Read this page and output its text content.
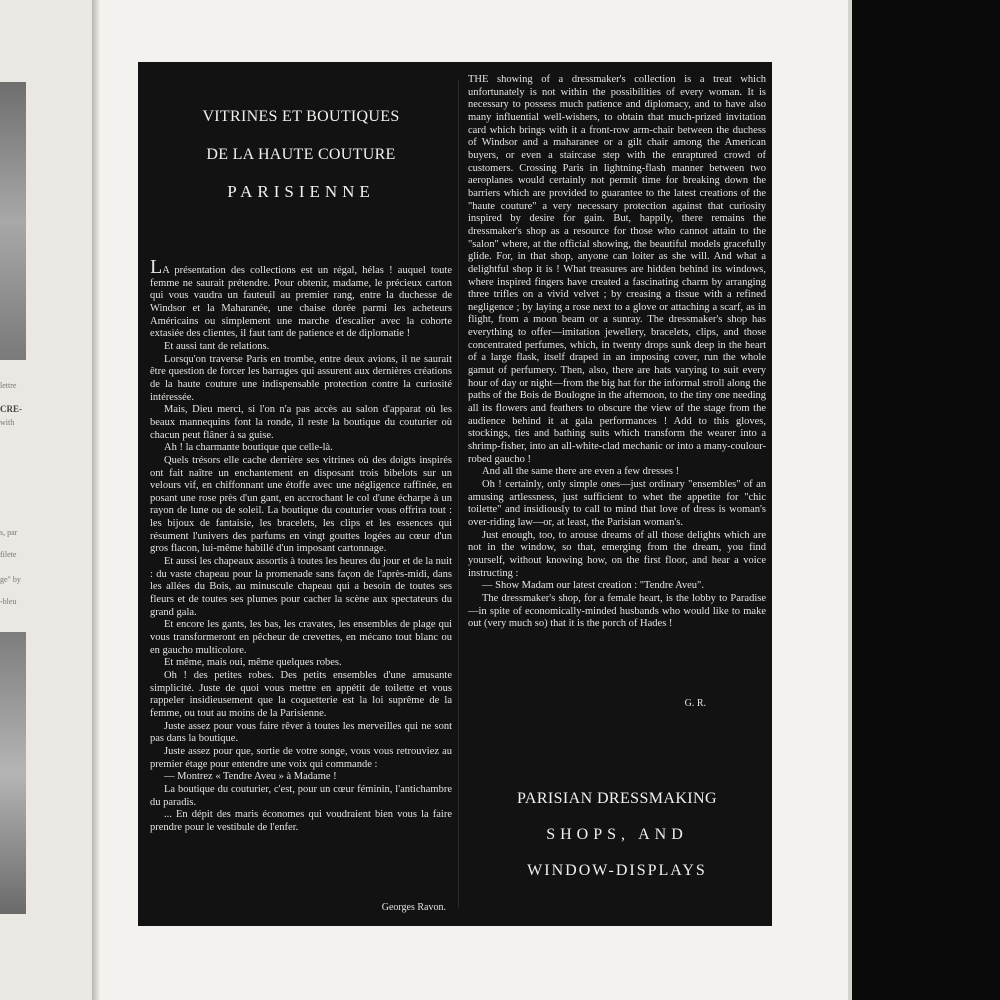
lettre
CRE-
with
s, par
filete
ge" by
-bleu
VITRINES ET BOUTIQUES
DE LA HAUTE COUTURE
PARISIENNE

LA présentation des collections est un régal, hélas ! auquel toute femme ne saurait prétendre. Pour obtenir, madame, le précieux carton qui vous vaudra un fauteuil au premier rang, entre la duchesse de Windsor et la Maharanée, une chaise dorée parmi les acheteurs Américains ou simplement une marche d'escalier avec la cohorte extasiée des clientes, il faut tant de patience et de diplomatie !

Et aussi tant de relations.

Lorsqu'on traverse Paris en trombe, entre deux avions, il ne saurait être question de forcer les barrages qui assurent aux dernières créations de la haute couture une indispensable protection contre la curiosité intéressée.

Mais, Dieu merci, si l'on n'a pas accès au salon d'apparat où les beaux mannequins font la ronde, il reste la boutique du couturier où chacun peut flâner à sa guise.

Ah ! la charmante boutique que celle-là.

Quels trésors elle cache derrière ses vitrines où des doigts inspirés ont fait naître un enchantement en disposant trois bibelots sur un velours vif, en chiffonnant une étoffe avec une négligence raffinée, en posant une rose près d'un gant, en accrochant le col d'une écharpe à un rayon de lune ou de soleil. La boutique du couturier vous offrira tout : les bijoux de fantaisie, les bracelets, les clips et les essences qui résument l'univers des parfums en vingt gouttes logées au cœur d'un gros flacon, lui-même habillé d'un imposant cartonnage.

Et aussi les chapeaux assortis à toutes les heures du jour et de la nuit : du vaste chapeau pour la promenade sans façon de l'après-midi, dans les allées du Bois, au minuscule chapeau qui a besoin de toutes ses fleurs et de toutes ses plumes pour cacher la scène aux spectateurs du grand gala.

Et encore les gants, les bas, les cravates, les ensembles de plage qui vous transformeront en pêcheur de crevettes, en mécano tout blanc ou en gaucho multicolore.

Et même, mais oui, même quelques robes.

Oh ! des petites robes. Des petits ensembles d'une amusante simplicité. Juste de quoi vous mettre en appétit de toilette et vous rappeler insidieusement que la coquetterie est la loi suprême de la femme, ou tout au moins de la Parisienne.

Juste assez pour vous faire rêver à toutes les merveilles qui ne sont pas dans la boutique.

Juste assez pour que, sortie de votre songe, vous vous retrouviez au premier étage pour entendre une voix qui commande :

— Montrez « Tendre Aveu » à Madame !

La boutique du couturier, c'est, pour un cœur féminin, l'antichambre du paradis.

... En dépit des maris économes qui voudraient bien vous la faire prendre pour le vestibule de l'enfer.

Georges Ravon.

THE showing of a dressmaker's collection is a treat which unfortunately is not within the possibilities of every woman. It is necessary to possess much patience and diplomacy, and to have also many influential well-wishers, to obtain that much-prized invitation card which brings with it a front-row arm-chair between the duchess of Windsor and a maharanee or a gilt chair among the American buyers, or even a staircase step with the enraptured crowd of customers. Crossing Paris in lightning-flash manner between two aeroplanes would certainly not permit time for breaking down the barriers which are provided to guarantee to the latest creations of the "haute couture" a very necessary protection against that curiosity inspired by desire for gain. But, happily, there remains the dressmaker's shop as a resource for those who cannot attain to the "salon" where, at the official showing, the beautiful models gracefully glide. For, in that shop, anyone can loiter as she will. And what a delightful shop it is ! What treasures are hidden behind its windows, where inspired fingers have created a fascinating charm by arranging three trifles on a vivid velvet ; by creasing a tissue with a refined negligence ; by laying a rose next to a glove or attaching a scarf, as in flight, from a moon beam or a sunray. The dressmaker's shop has everything to offer—imitation jewellery, bracelets, clips, and those concentrated perfumes, which, in twenty drops sunk deep in the heart of a large flask, itself draped in an imposing cover, run the whole gamut of perfumery. Then, also, there are hats varying to suit every hour of day or night—from the big hat for the informal stroll along the paths of the Bois de Boulogne in the afternoon, to the tiny one needing all its flowers and feathers to obscure the view of the stage from the audience behind it at gala performances ! Add to this gloves, stockings, ties and bathing suits which transform the wearer into a shrimp-fisher, into an all-white-clad mechanic or into a many-coulour-robed gaucho !

And all the same there are even a few dresses !

Oh ! certainly, only simple ones—just ordinary "ensembles" of an amusing artlessness, just sufficient to whet the appetite for "chic toilette" and insidiously to call to mind that love of dress is woman's over-riding law—or, at least, the Parisian woman's.

Just enough, too, to arouse dreams of all those delights which are not in the window, so that, emerging from the dream, you find yourself, without knowing how, on the first floor, and hear a voice instructing :

— Show Madam our latest creation : "Tendre Aveu".

The dressmaker's shop, for a female heart, is the lobby to Paradise—in spite of economically-minded husbands who would like to make out (very much so) that it is the porch of Hades !

G. R.
PARISIAN DRESSMAKING
SHOPS, AND
WINDOW-DISPLAYS
